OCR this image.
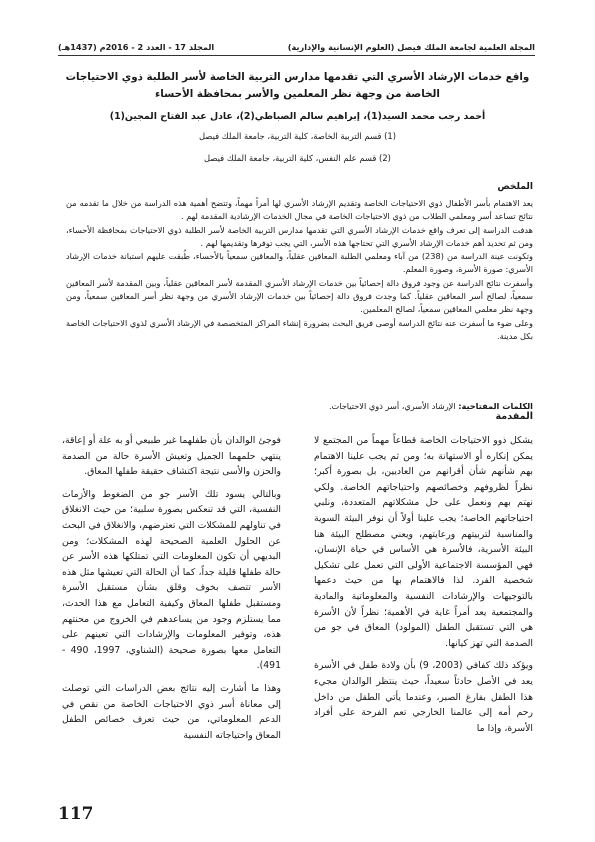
المجلة العلمية لجامعة الملك فيصل (العلوم الإنسانية والإدارية)
المجلد 17 - العدد 2 - 2016م (1437هـ)
واقع خدمات الإرشاد الأسري التي تقدمها مدارس التربية الخاصة لأسر الطلبة ذوي الاحتياجات الخاصة من وجهة نظر المعلمين والأسر بمحافظة الأحساء
أحمد رجب محمد السيد(1)، إبراهيم سالم الصباطي(2)، عادل عبد الفتاح المجين(1)
(1) قسم التربية الخاصة، كلية التربية، جامعة الملك فيصل
(2) قسم علم النفس، كلية التربية، جامعة الملك فيصل
الملخص

يعد الاهتمام بأسر الأطفال ذوي الاحتياجات الخاصة وتقديم الإرشاد الأسري لها أمراً مهماً، وتتضح أهمية هذه الدراسة من خلال ما تقدمه من نتائج تساعد أسر ومعلمي الطلاب من ذوي الاحتياجات الخاصة في مجال الخدمات الإرشادية المقدمة لهم .

هدفت الدراسة إلى تعرف واقع خدمات الإرشاد الأسري التي تقدمها مدارس التربية الخاصة لأسر الطلبة ذوي الاحتياجات بمحافظة الأحساء، ومن ثم تحديد أهم خدمات الإرشاد الأسري التي تحتاجها هذه الأسر، التي يجب توفرها وتقديمها لهم .

وتكونت عينة الدراسة من (238) من آباء ومعلمي الطلبة المعاقين عقلياً، والمعاقين سمعياً بالأحساء، طُبقت عليهم استبانة خدمات الإرشاد الأسري: صورة الأسرة، وصورة المعلم.

وأسفرت نتائج الدراسة عن وجود فروق دالة إحصائياً بين خدمات الإرشاد الأسري المقدمة لأسر المعاقين عقلياً، وبين المقدمة لأسر المعاقين سمعياً، لصالح أسر المعاقين عقلياً. كما وجدت فروق دالة إحصائياً بين خدمات الإرشاد الأسري من وجهة نظر أسر المعاقين سمعياً، ومن وجهة نظر معلمي المعاقين سمعياً، لصالح المعلمين.

وعلى ضوء ما أسفرت عنه نتائج الدراسة أوصى فريق البحث بضرورة إنشاء المراكز المتخصصة في الإرشاد الأسري لذوي الاحتياجات الخاصة بكل مدينة.

الكلمات المفتاحية: الإرشاد الأسري، أسر ذوي الاحتياجات.
المقدمة

يشكل ذوو الاحتياجات الخاصة قطاعاً مهماً من المجتمع لا يمكن إنكاره أو الاستهانة به؛ ومن ثم يجب علينا الاهتمام بهم شأنهم شأن أقرانهم من العاديين، بل بصورة أكبر؛ نظراً لظروفهم وخصائصهم واحتياجاتهم الخاصة. ولكي نهتم بهم ونعمل على حل مشكلاتهم المتعددة، ونلبي احتياجاتهم الخاصة؛ يجب علينا أولاً أن نوفر البيئة السوية والمناسبة لتربيتهم ورعايتهم، ويعني مصطلح البيئة هنا البيئة الأسرية، فالأسرة هي الأساس في حياة الإنسان، فهي المؤسسة الاجتماعية الأولى التي تعمل على تشكيل شخصية الفرد. لذا فالاهتمام بها من حيث دعمها بالتوجيهات والإرشادات النفسية والمعلوماتية والمادية والمجتمعية يعد أمراً غاية في الأهمية؛ نظراً لأن الأسرة هي التي تستقبل الطفل (المولود) المعاق في جو من الصدمة التي تهز كيانها.

ويؤكد ذلك كفافي (2003، 9) بأن ولادة طفل في الأسرة يعد في الأصل حادثاً سعيداً، حيث ينتظر الوالدان مجيء هذا الطفل بفارغ الصبر، وعندما يأتي الطفل من داخل رحم أمه إلى عالمنا الخارجي تعم الفرحة على أفراد الأسرة، وإذا ما

فوجئ الوالدان بأن طفلهما غير طبيعي أو به علة أو إعاقة، ينتهي حلمهما الجميل وتعيش الأسرة حالة من الصدمة والحزن والأسى نتيجة اكتشاف حقيقة طفلها المعاق.

وبالتالي يسود تلك الأسر جو من الضغوط والأزمات النفسية، التي قد تنعكس بصورة سلبية؛ من حيث الانغلاق في تناولهم للمشكلات التي تعترضهم، والانغلاق في البحث عن الحلول العلمية الصحيحة لهذه المشكلات؛ ومن البديهي أن تكون المعلومات التي تمتلكها هذه الأسر عن حالة طفلها قليلة جداً، كما أن الحالة التي تعيشها مثل هذه الأسر تتصف بخوف وقلق بشأن مستقبل الأسرة ومستقبل طفلها المعاق وكيفية التعامل مع هذا الحدث، مما يستلزم وجود من يساعدهم في الخروج من محنتهم هذه، وتوفير المعلومات والإرشادات التي تعينهم على التعامل معها بصورة صحيحة (الشناوي، 1997، 490 - 491).

وهذا ما أشارت إليه نتائج بعض الدراسات التي توصلت إلى معاناة أسر ذوي الاحتياجات الخاصة من نقص في الدعم المعلوماتي، من حيث تعرف خصائص الطفل المعاق واحتياجاته النفسية

117
